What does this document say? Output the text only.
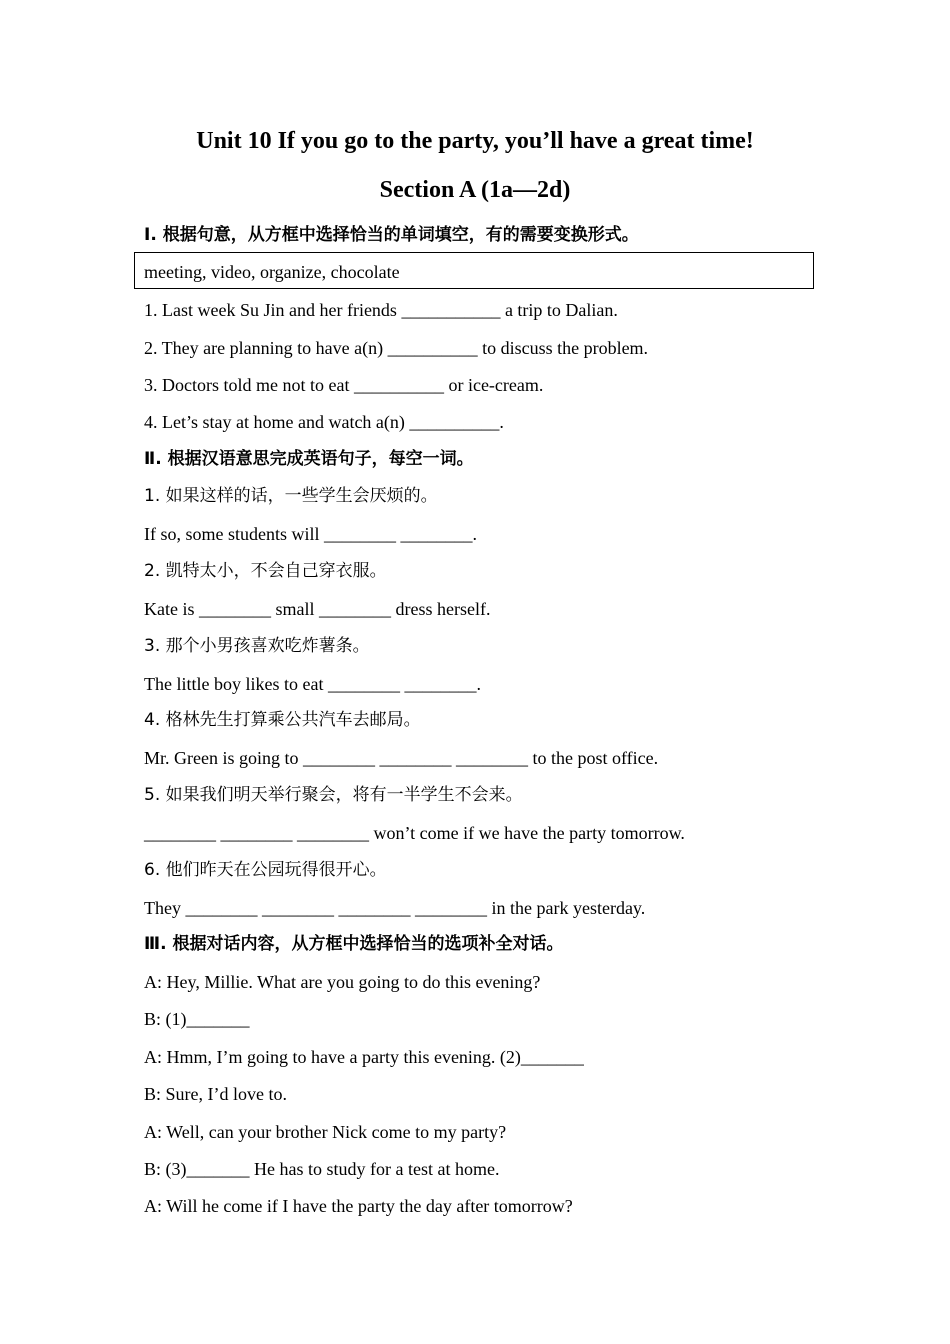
Unit 10 If you go to the party, you’ll have a great time!
Section A (1a—2d)
Ⅰ. 根据句意，从方框中选择恰当的单词填空，有的需要变换形式。
meeting, video, organize, chocolate
1. Last week Su Jin and her friends ___________ a trip to Dalian.
2. They are planning to have a(n) __________ to discuss the problem.
3. Doctors told me not to eat __________ or ice-cream.
4. Let’s stay at home and watch a(n) __________.
Ⅱ. 根据汉语意思完成英语句子，每空一词。
1. 如果这样的话，一些学生会厌烦的。
If so, some students will ________ ________.
2. 凯特太小，不会自己穿衣服。
Kate is ________ small ________ dress herself.
3. 那个小男孩喜欢吃炸薯条。
The little boy likes to eat ________ ________.
4. 格林先生打算乘公共汽车去邮局。
Mr. Green is going to ________ ________ ________ to the post office.
5. 如果我们明天举行聚会，将有一半学生不会来。
________ ________ ________ won’t come if we have the party tomorrow.
6. 他们昨天在公园玩得很开心。
They ________ ________ ________ ________ in the park yesterday.
Ⅲ. 根据对话内容，从方框中选择恰当的选项补全对话。
A: Hey, Millie. What are you going to do this evening?
B: (1)_______
A: Hmm, I’m going to have a party this evening. (2)_______
B: Sure, I’d love to.
A: Well, can your brother Nick come to my party?
B: (3)_______ He has to study for a test at home.
A: Will he come if I have the party the day after tomorrow?
